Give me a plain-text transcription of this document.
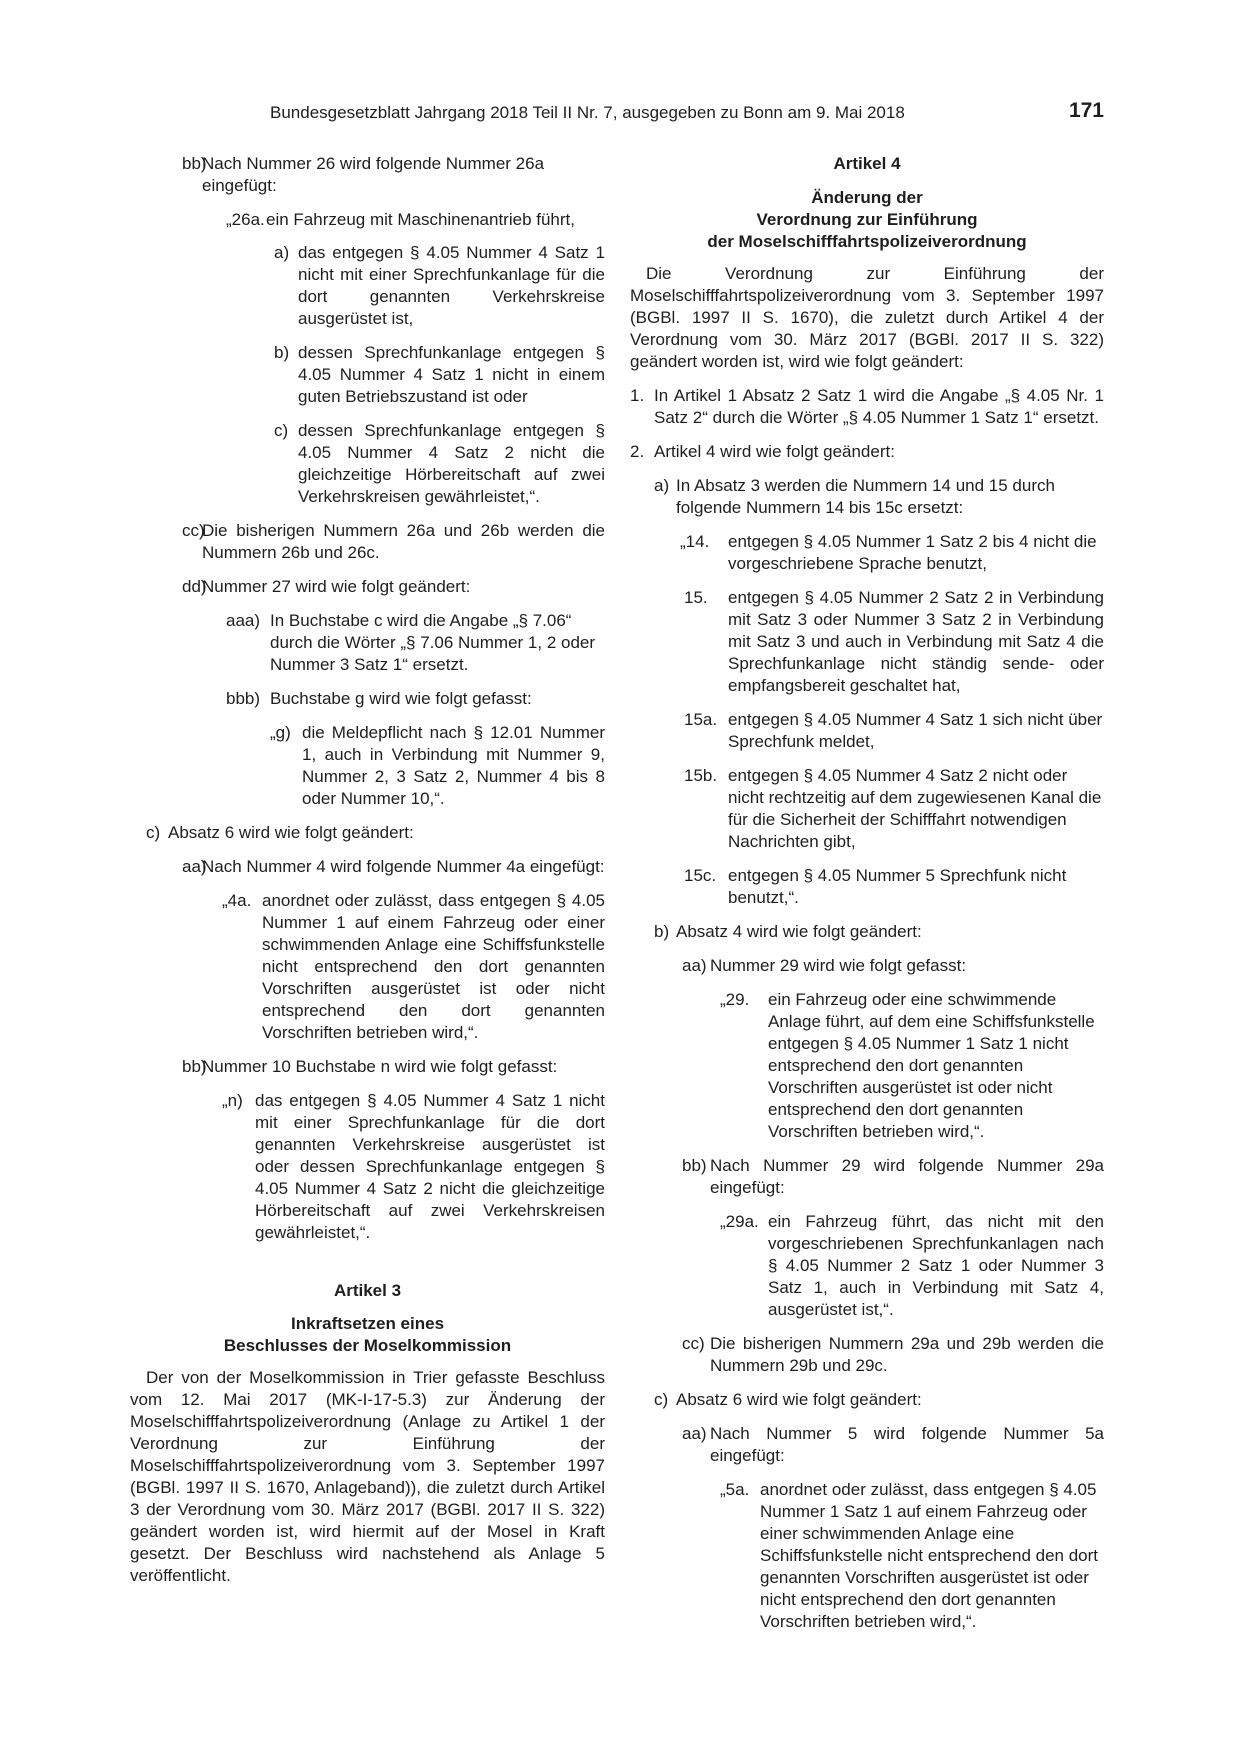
Bundesgesetzblatt Jahrgang 2018 Teil II Nr. 7, ausgegeben zu Bonn am 9. Mai 2018	171
bb)
Nach Nummer 26 wird folgende Nummer 26a eingefügt:
„26a. ein Fahrzeug mit Maschinenantrieb führt,
a) das entgegen § 4.05 Nummer 4 Satz 1 nicht mit einer Sprechfunkanlage für die dort genannten Verkehrskreise ausgerüstet ist,
b) dessen Sprechfunkanlage entgegen § 4.05 Nummer 4 Satz 1 nicht in einem guten Betriebszustand ist oder
c) dessen Sprechfunkanlage entgegen § 4.05 Nummer 4 Satz 2 nicht die gleichzeitige Hörbereitschaft auf zwei Verkehrskreisen gewährleistet,“.
cc)
Die bisherigen Nummern 26a und 26b werden die Nummern 26b und 26c.
dd)
Nummer 27 wird wie folgt geändert:
aaa) In Buchstabe c wird die Angabe „§ 7.06“ durch die Wörter „§ 7.06 Nummer 1, 2 oder Nummer 3 Satz 1“ ersetzt.
bbb) Buchstabe g wird wie folgt gefasst:
„g) die Meldepflicht nach § 12.01 Nummer 1, auch in Verbindung mit Nummer 9, Nummer 2, 3 Satz 2, Nummer 4 bis 8 oder Nummer 10,“.
c) Absatz 6 wird wie folgt geändert:
aa)
Nach Nummer 4 wird folgende Nummer 4a eingefügt:
„4a. anordnet oder zulässt, dass entgegen § 4.05 Nummer 1 auf einem Fahrzeug oder einer schwimmenden Anlage eine Schiffsfunkstelle nicht entsprechend den dort genannten Vorschriften ausgerüstet ist oder nicht entsprechend den dort genannten Vorschriften betrieben wird,“.
bb)
Nummer 10 Buchstabe n wird wie folgt gefasst:
„n) das entgegen § 4.05 Nummer 4 Satz 1 nicht mit einer Sprechfunkanlage für die dort genannten Verkehrskreise ausgerüstet ist oder dessen Sprechfunkanlage entgegen § 4.05 Nummer 4 Satz 2 nicht die gleichzeitige Hörbereitschaft auf zwei Verkehrskreisen gewährleistet,“.
Artikel 3
Inkraftsetzen eines
Beschlusses der Moselkommission
Der von der Moselkommission in Trier gefasste Beschluss vom 12. Mai 2017 (MK-I-17-5.3) zur Änderung der Moselschifffahrtspolizeiverordnung (Anlage zu Artikel 1 der Verordnung zur Einführung der Moselschifffahrtspolizeiverordnung vom 3. September 1997 (BGBl. 1997 II S. 1670, Anlageband)), die zuletzt durch Artikel 3 der Verordnung vom 30. März 2017 (BGBl. 2017 II S. 322) geändert worden ist, wird hiermit auf der Mosel in Kraft gesetzt. Der Beschluss wird nachstehend als Anlage 5 veröffentlicht.
Artikel 4
Änderung der
Verordnung zur Einführung
der Moselschifffahrtspolizeiverordnung
Die Verordnung zur Einführung der Moselschifffahrtspolizeiverordnung vom 3. September 1997 (BGBl. 1997 II S. 1670), die zuletzt durch Artikel 4 der Verordnung vom 30. März 2017 (BGBl. 2017 II S. 322) geändert worden ist, wird wie folgt geändert:
1. In Artikel 1 Absatz 2 Satz 1 wird die Angabe „§ 4.05 Nr. 1 Satz 2“ durch die Wörter „§ 4.05 Nummer 1 Satz 1“ ersetzt.
2. Artikel 4 wird wie folgt geändert:
a) In Absatz 3 werden die Nummern 14 und 15 durch folgende Nummern 14 bis 15c ersetzt:
„14. entgegen § 4.05 Nummer 1 Satz 2 bis 4 nicht die vorgeschriebene Sprache benutzt,
15. entgegen § 4.05 Nummer 2 Satz 2 in Verbindung mit Satz 3 oder Nummer 3 Satz 2 in Verbindung mit Satz 3 und auch in Verbindung mit Satz 4 die Sprechfunkanlage nicht ständig sende- oder empfangsbereit geschaltet hat,
15a. entgegen § 4.05 Nummer 4 Satz 1 sich nicht über Sprechfunk meldet,
15b. entgegen § 4.05 Nummer 4 Satz 2 nicht oder nicht rechtzeitig auf dem zugewiesenen Kanal die für die Sicherheit der Schifffahrt notwendigen Nachrichten gibt,
15c. entgegen § 4.05 Nummer 5 Sprechfunk nicht benutzt,“.
b) Absatz 4 wird wie folgt geändert:
aa) Nummer 29 wird wie folgt gefasst:
„29. ein Fahrzeug oder eine schwimmende Anlage führt, auf dem eine Schiffsfunkstelle entgegen § 4.05 Nummer 1 Satz 1 nicht entsprechend den dort genannten Vorschriften ausgerüstet ist oder nicht entsprechend den dort genannten Vorschriften betrieben wird,“.
bb) Nach Nummer 29 wird folgende Nummer 29a eingefügt:
„29a. ein Fahrzeug führt, das nicht mit den vorgeschriebenen Sprechfunkanlagen nach § 4.05 Nummer 2 Satz 1 oder Nummer 3 Satz 1, auch in Verbindung mit Satz 4, ausgerüstet ist,“.
cc) Die bisherigen Nummern 29a und 29b werden die Nummern 29b und 29c.
c) Absatz 6 wird wie folgt geändert:
aa) Nach Nummer 5 wird folgende Nummer 5a eingefügt:
„5a. anordnet oder zulässt, dass entgegen § 4.05 Nummer 1 Satz 1 auf einem Fahrzeug oder einer schwimmenden Anlage eine Schiffsfunkstelle nicht entsprechend den dort genannten Vorschriften ausgerüstet ist oder nicht entsprechend den dort genannten Vorschriften betrieben wird,“.
